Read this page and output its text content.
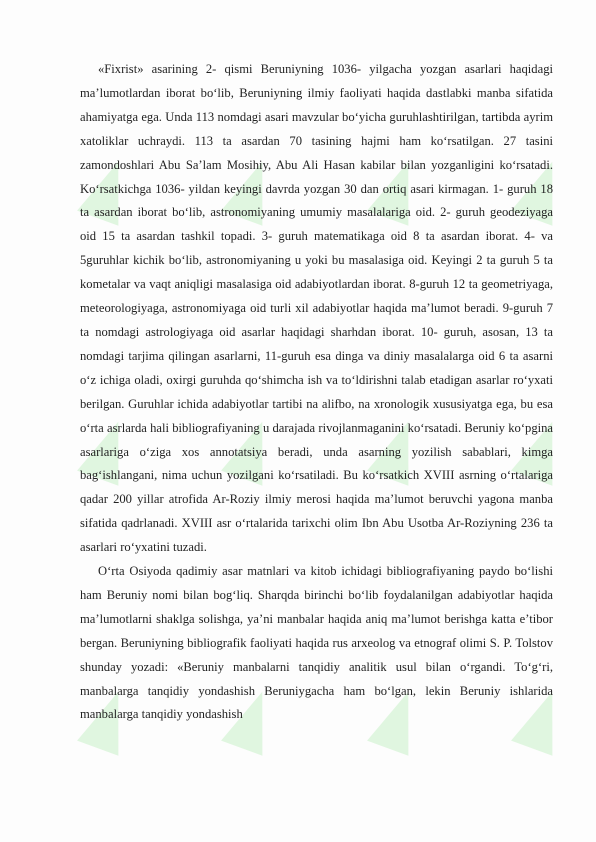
«Fixrist» asarining 2- qismi Beruniyning 1036- yilgacha yozgan asarlari haqidagi ma’lumotlardan iborat bo‘lib, Beruniyning ilmiy faoliyati haqida dastlabki manba sifatida ahamiyatga ega. Unda 113 nomdagi asari mavzular bo‘yicha guruhlashtirilgan, tartibda ayrim xatoliklar uchraydi. 113 ta asardan 70 tasining hajmi ham ko‘rsatilgan. 27 tasini zamondoshlari Abu Sa’lam Mosihiy, Abu Ali Hasan kabilar bilan yozganligini ko‘rsatadi. Ko‘rsatkichga 1036- yildan keyingi davrda yozgan 30 dan ortiq asari kirmagan. 1- guruh 18 ta asardan iborat bo‘lib, astronomiyaning umumiy masalalariga oid. 2- guruh geodeziyaga oid 15 ta asardan tashkil topadi. 3- guruh matematikaga oid 8 ta asardan iborat. 4- va 5guruhlar kichik bo‘lib, astronomiyaning u yoki bu masalasiga oid. Keyingi 2 ta guruh 5 ta kometalar va vaqt aniqligi masalasiga oid adabiyotlardan iborat. 8-guruh 12 ta geometriyaga, meteorologiyaga, astronomiyaga oid turli xil adabiyotlar haqida ma’lumot beradi. 9-guruh 7 ta nomdagi astrologiyaga oid asarlar haqidagi sharhdan iborat. 10- guruh, asosan, 13 ta nomdagi tarjima qilingan asarlarni, 11-guruh esa dinga va diniy masalalarga oid 6 ta asarni o‘z ichiga oladi, oxirgi guruhda qo‘shimcha ish va to‘ldirishni talab etadigan asarlar ro‘yxati berilgan. Guruhlar ichida adabiyotlar tartibi na alifbo, na xronologik xususiyatga ega, bu esa o‘rta asrlarda hali bibliografiyaning u darajada rivojlanmaganini ko‘rsatadi. Beruniy ko‘pgina asarlariga o‘ziga xos annotatsiya beradi, unda asarning yozilish sabablari, kimga bag‘ishlangani, nima uchun yozilgani ko‘rsatiladi. Bu ko‘rsatkich XVIII asrning o‘rtalariga qadar 200 yillar atrofida Ar-Roziy ilmiy merosi haqida ma’lumot beruvchi yagona manba sifatida qadrlanadi. XVIII asr o‘rtalarida tarixchi olim Ibn Abu Usotba Ar-Roziyning 236 ta asarlari ro‘yxatini tuzadi.

O‘rta Osiyoda qadimiy asar matnlari va kitob ichidagi bibliografiyaning paydo bo‘lishi ham Beruniy nomi bilan bog‘liq. Sharqda birinchi bo‘lib foydalanilgan adabiyotlar haqida ma’lumotlarni shaklga solishga, ya’ni manbalar haqida aniq ma’lumot berishga katta e’tibor bergan. Beruniyning bibliografik faoliyati haqida rus arxeolog va etnograf olimi S. P. Tolstov shunday yozadi: «Beruniy manbalarni tanqidiy analitik usul bilan o‘rgandi. To‘g‘ri, manbalarga tanqidiy yondashish Beruniygacha ham bo‘lgan, lekin Beruniy ishlarida manbalarga tanqidiy yondashish
